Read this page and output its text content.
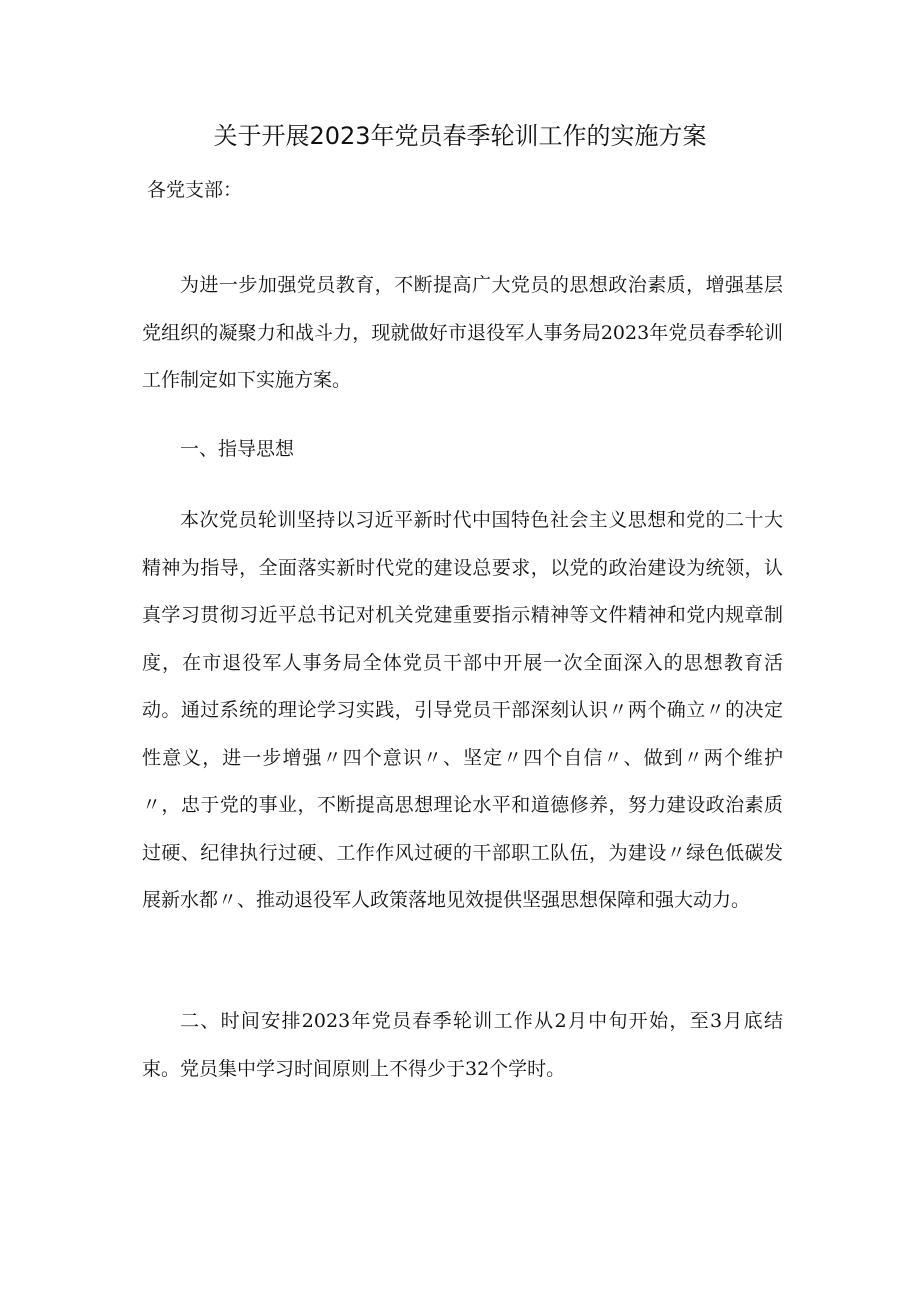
关于开展2023年党员春季轮训工作的实施方案

各党支部：

为进一步加强党员教育，不断提高广大党员的思想政治素质，增强基层党组织的凝聚力和战斗力，现就做好市退役军人事务局2023年党员春季轮训工作制定如下实施方案。

一、指导思想

本次党员轮训坚持以习近平新时代中国特色社会主义思想和党的二十大精神为指导，全面落实新时代党的建设总要求，以党的政治建设为统领，认真学习贯彻习近平总书记对机关党建重要指示精神等文件精神和党内规章制度，在市退役军人事务局全体党员干部中开展一次全面深入的思想教育活动。通过系统的理论学习实践，引导党员干部深刻认识〃两个确立〃的决定性意义，进一步增强〃四个意识〃、坚定〃四个自信〃、做到〃两个维护〃，忠于党的事业，不断提高思想理论水平和道德修养，努力建设政治素质过硬、纪律执行过硬、工作作风过硬的干部职工队伍，为建设〃绿色低碳发展新水都〃、推动退役军人政策落地见效提供坚强思想保障和强大动力。

二、时间安排2023年党员春季轮训工作从2月中旬开始，至3月底结束。党员集中学习时间原则上不得少于32个学时。
